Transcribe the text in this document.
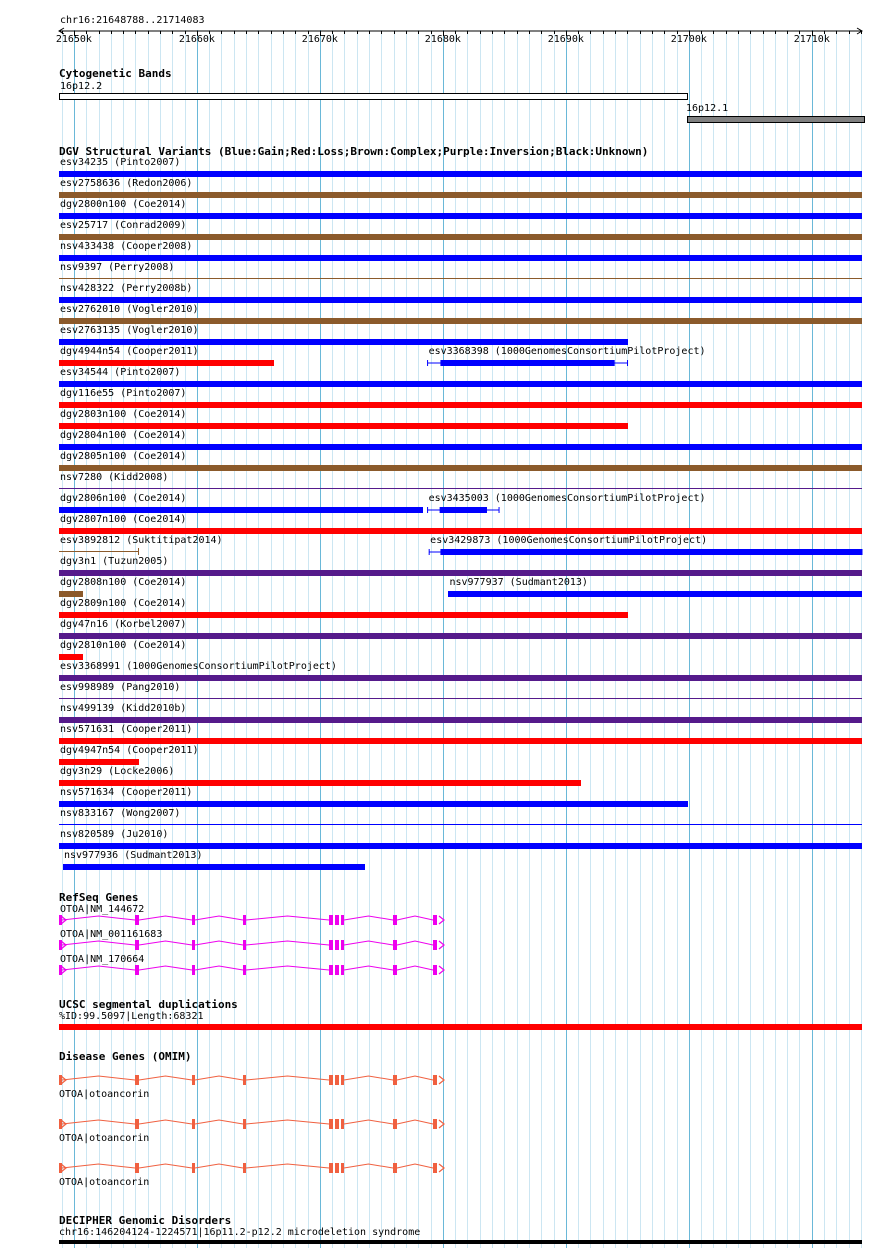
chr16:21648788..21714083
21650k	21660k	21670k	21680k	21690k	21700k	21710k
Cytogenetic Bands
16p12.2
16p12.1
DGV Structural Variants (Blue:Gain;Red:Loss;Brown:Complex;Purple:Inversion;Black:Unknown)
esv34235 (Pinto2007)
esv2758636 (Redon2006)
dgv2800n100 (Coe2014)
esv25717 (Conrad2009)
nsv433438 (Cooper2008)
nsv9397 (Perry2008)
nsv428322 (Perry2008b)
esv2762010 (Vogler2010)
esv2763135 (Vogler2010)
dgv4944n54 (Cooper2011)	esv3368398 (1000GenomesConsortiumPilotProject)
esv34544 (Pinto2007)
dgv116e55 (Pinto2007)
dgv2803n100 (Coe2014)
dgv2804n100 (Coe2014)
dgv2805n100 (Coe2014)
nsv7280 (Kidd2008)
dgv2806n100 (Coe2014)	esv3435003 (1000GenomesConsortiumPilotProject)
dgv2807n100 (Coe2014)
esv3892812 (Suktitipat2014)	esv3429873 (1000GenomesConsortiumPilotProject)
dgv3n1 (Tuzun2005)
dgv2808n100 (Coe2014)	nsv977937 (Sudmant2013)
dgv2809n100 (Coe2014)
dgv47n16 (Korbel2007)
dgv2810n100 (Coe2014)
esv3368991 (1000GenomesConsortiumPilotProject)
esv998989 (Pang2010)
nsv499139 (Kidd2010b)
nsv571631 (Cooper2011)
dgv4947n54 (Cooper2011)
dgv3n29 (Locke2006)
nsv571634 (Cooper2011)
nsv833167 (Wong2007)
nsv820589 (Ju2010)
nsv977936 (Sudmant2013)
RefSeq Genes
OTOA|NM_144672
OTOA|NM_001161683
OTOA|NM_170664
UCSC segmental duplications
%ID:99.5097|Length:68321
Disease Genes (OMIM)
OTOA|otoancorin
OTOA|otoancorin
OTOA|otoancorin
DECIPHER Genomic Disorders
chr16:146204124-1224571|16p11.2-p12.2 microdeletion syndrome
